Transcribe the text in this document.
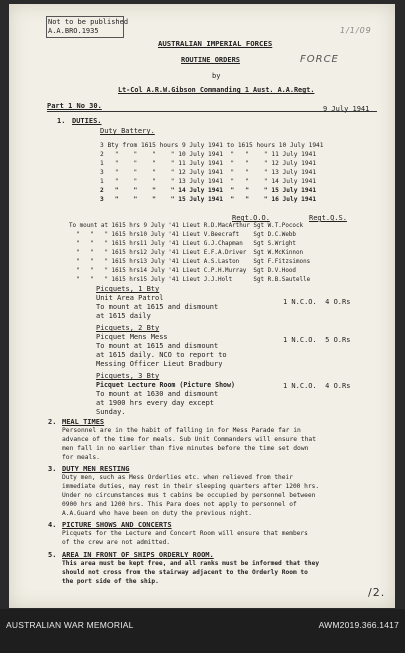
Not to be published
A.A.BRO.1935
AUSTRALIAN IMPERIAL FORCES
1/1/09
FORCE
ROUTINE ORDERS
by
Lt-Col A.R.W.Gibson Commanding 1 Aust. A.A.Regt.
Part 1 No 30.	9 July 1941
1. DUTIES.
Duty Battery.
3 Bty from 1615 hours 9 July 1941 to 1615 hours 10 July 1941
2   "    "    "    " 10 July 1941  "   "    " 11 July 1941
1   "    "    "    " 11 July 1941  "   "    " 12 July 1941
3   "    "    "    " 12 July 1941  "   "    " 13 July 1941
1   "    "    "    " 13 July 1941  "   "    " 14 July 1941
2   "    "    "    " 14 July 1941  "   "    " 15 July 1941
3   "    "    "    " 15 July 1941  "   "    " 16 July 1941
Regt.O.O.	Regt.Q.S.
To mount at 1615 hrs 9 July '41 Lieut R.D.MacArthur Sgt W.T.Pocock
"   "   " 1615 hrs10 July '41 Lieut V.Beecraft    Sgt D.C.Webb
"   "   " 1615 hrs11 July '41 Lieut G.J.Chapman   Sgt S.Wright
"   "   " 1615 hrs12 July '41 Lieut E.F.A.Driver  Sgt W.McKinnon
"   "   " 1615 hrs13 July '41 Lieut A.S.Laston    Sgt F.Fitzsimons
"   "   " 1615 hrs14 July '41 Lieut C.P.H.Murray  Sgt D.V.Hood
"   "   " 1615 hrs15 July '41 Lieut J.J.Holt      Sgt R.B.Sautelle
Picquets, 1 Bty
Unit Area Patrol
To mount at 1615 and dismount
at 1615 daily
1 N.C.O.  4 O.Rs
Picquets, 2 Bty
Picquet Mens Mess
To mount at 1615 and dismount
at 1615 daily. NCO to report to
Messing Officer Lieut Bradbury
1 N.C.O.  5 O.Rs
Picquets, 3 Bty
Picquet Lecture Room (Picture Show)
To mount at 1630 and dismount
at 1900 hrs every day except
Sunday.
1 N.C.O.  4 O.Rs
2. MEAL TIMES
Personnel are in the habit of falling in for Mess Parade far in
advance of the time for meals. Sub Unit Commanders will ensure that
men fall in no earlier than five minutes before the time set down
for meals.
3. DUTY MEN RESTING
Duty men, such as Mess Orderlies etc. when relieved from their
immediate duties, may rest in their sleeping quarters after 1200 hrs.
Under no circumstances mus t cabins be occupied by personnel between
0900 hrs and 1200 hrs. This Para does not apply to personnel of
A.A.Guard who have been on duty the previous night.
4. PICTURE SHOWS AND CONCERTS
Picquets for the Lecture and Concert Room will ensure that members
of the crew are not admitted.
5. AREA IN FRONT OF SHIPS ORDERLY ROOM.
This area must be kept free, and all ranks must be informed that they
should not cross from the stairway adjacent to the Orderly Room to
the port side of the ship.
/2.
AUSTRALIAN WAR MEMORIAL	AWM2019.366.1417
